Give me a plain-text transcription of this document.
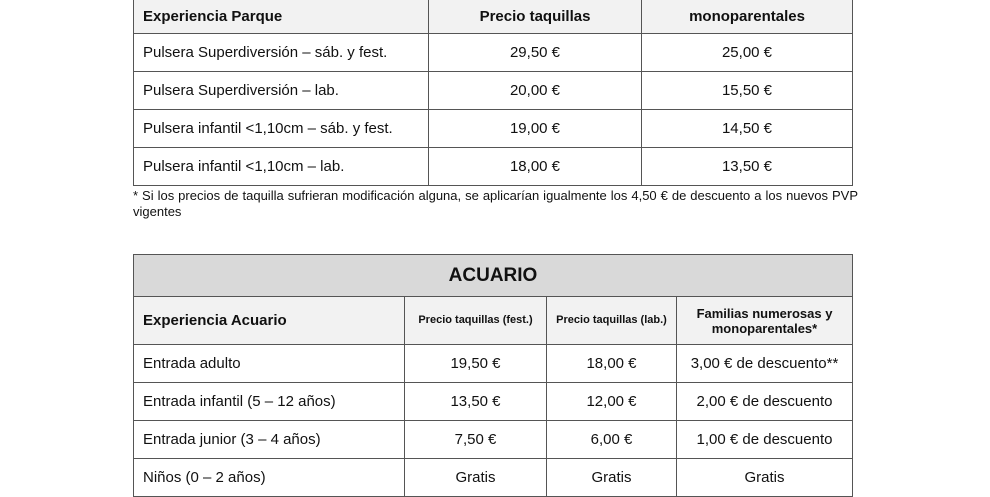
Experiencia Parque	Precio taquillas	monoparentales
Pulsera Superdiversión – sáb. y fest.	29,50 €	25,00 €
Pulsera Superdiversión – lab.	20,00 €	15,50 €
Pulsera infantil <1,10cm – sáb. y fest.	19,00 €	14,50 €
Pulsera infantil <1,10cm – lab.	18,00 €	13,50 €
* Si los precios de taquilla sufrieran modificación alguna, se aplicarían igualmente los 4,50 € de descuento a los nuevos PVP vigentes
ACUARIO			
Experiencia Acuario	Precio taquillas (fest.)	Precio taquillas (lab.)	Familias numerosas y monoparentales*
Entrada adulto	19,50 €	18,00 €	3,00 € de descuento**
Entrada infantil (5 – 12 años)	13,50 €	12,00 €	2,00 € de descuento
Entrada junior (3 – 4 años)	7,50 €	6,00 €	1,00 € de descuento
Niños (0 – 2 años)	Gratis	Gratis	Gratis
